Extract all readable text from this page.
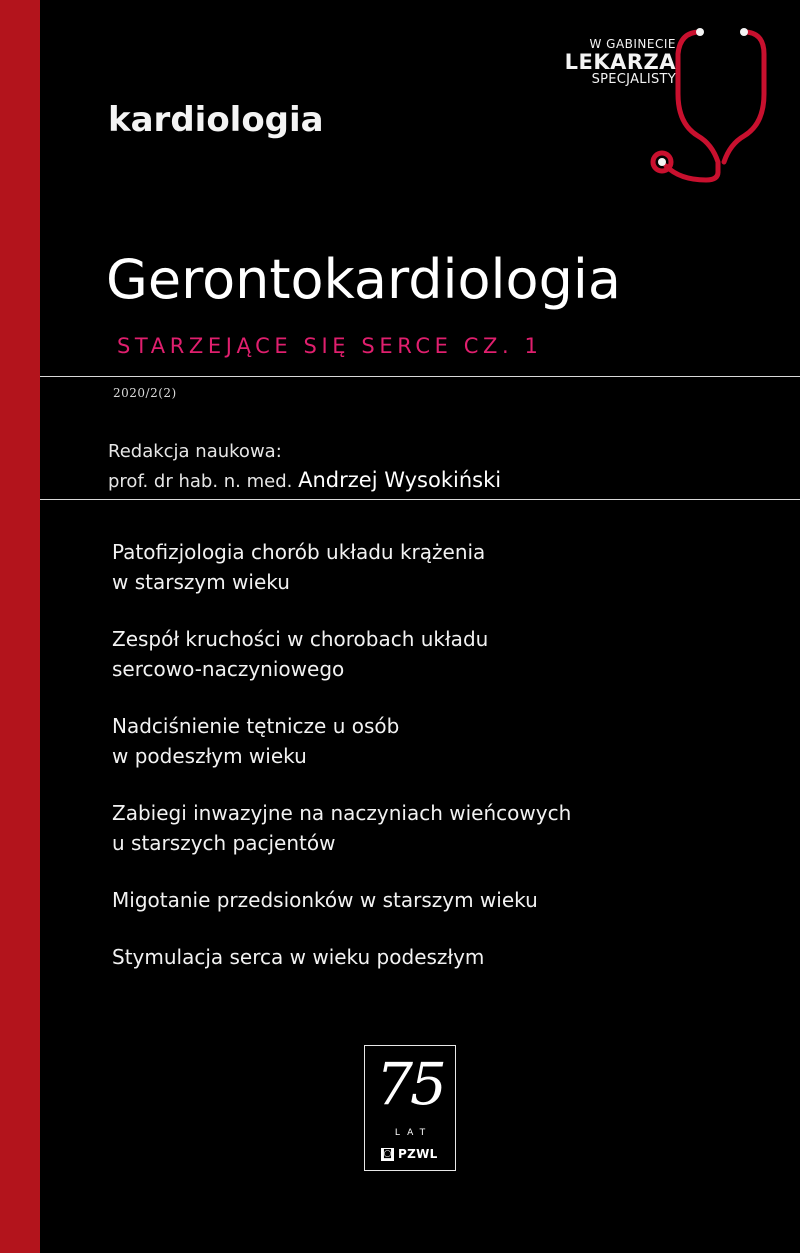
kardiologia
W GABINECIE
LEKARZA
SPECJALISTY
Gerontokardiologia
STARZEJĄCE SIĘ SERCE CZ. 1
2020/2(2)
Redakcja naukowa:
prof. dr hab. n. med. Andrzej Wysokiński
Patofizjologia chorób układu krążenia
w starszym wieku
Zespół kruchości w chorobach układu
sercowo-naczyniowego
Nadciśnienie tętnicze u osób
w podeszłym wieku
Zabiegi inwazyjne na naczyniach wieńcowych
u starszych pacjentów
Migotanie przedsionków w starszym wieku
Stymulacja serca w wieku podeszłym
75
LAT
◙ PZWL
